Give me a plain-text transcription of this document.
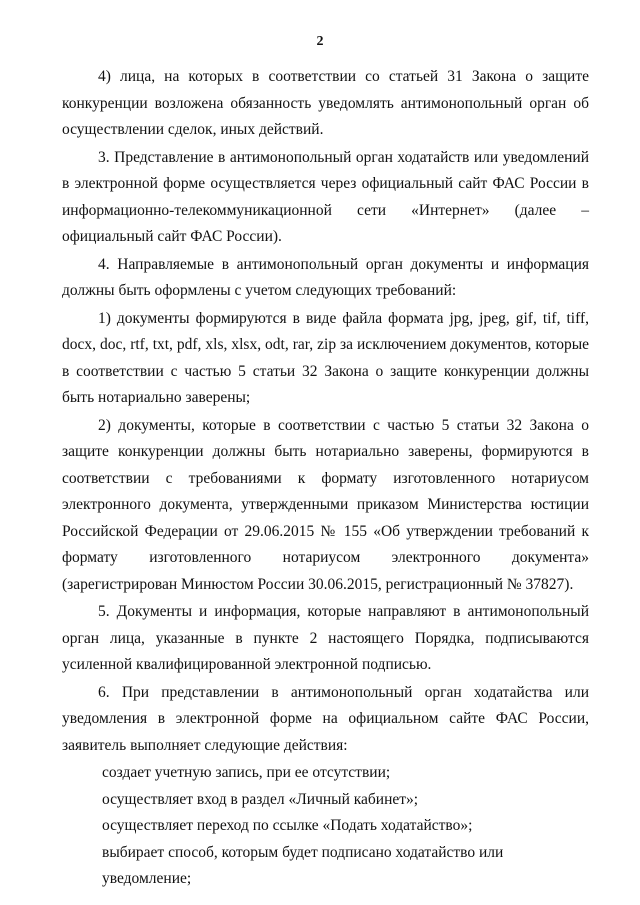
2

4) лица, на которых в соответствии со статьей 31 Закона о защите конкуренции возложена обязанность уведомлять антимонопольный орган об осуществлении сделок, иных действий.

3. Представление в антимонопольный орган ходатайств или уведомлений в электронной форме осуществляется через официальный сайт ФАС России в информационно-телекоммуникационной сети «Интернет» (далее – официальный сайт ФАС России).

4. Направляемые в антимонопольный орган документы и информация должны быть оформлены с учетом следующих требований:

1) документы формируются в виде файла формата jpg, jpeg, gif, tif, tiff, docx, doc, rtf, txt, pdf, xls, xlsx, odt, rar, zip за исключением документов, которые в соответствии с частью 5 статьи 32 Закона о защите конкуренции должны быть нотариально заверены;

2) документы, которые в соответствии с частью 5 статьи 32 Закона о защите конкуренции должны быть нотариально заверены, формируются в соответствии с требованиями к формату изготовленного нотариусом электронного документа, утвержденными приказом Министерства юстиции Российской Федерации от 29.06.2015 № 155 «Об утверждении требований к формату изготовленного нотариусом электронного документа» (зарегистрирован Минюстом России 30.06.2015, регистрационный № 37827).

5. Документы и информация, которые направляют в антимонопольный орган лица, указанные в пункте 2 настоящего Порядка, подписываются усиленной квалифицированной электронной подписью.

6. При представлении в антимонопольный орган ходатайства или уведомления в электронной форме на официальном сайте ФАС России, заявитель выполняет следующие действия:

создает учетную запись, при ее отсутствии;

осуществляет вход в раздел «Личный кабинет»;

осуществляет переход по ссылке «Подать ходатайство»;

выбирает способ, которым будет подписано ходатайство или уведомление;
